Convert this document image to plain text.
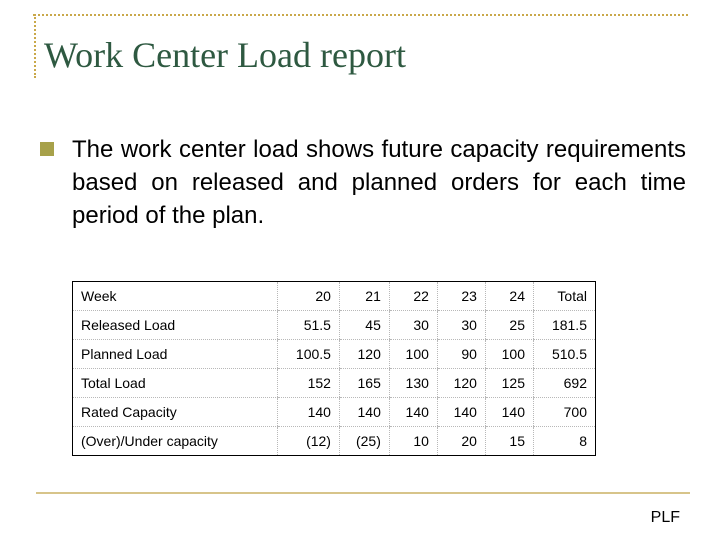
Work Center Load report
The work center load shows future capacity requirements based on released and planned orders for each time period of the plan.
Week	20	21	22	23	24	Total
Released Load	51.5	45	30	30	25	181.5
Planned Load	100.5	120	100	90	100	510.5
Total Load	152	165	130	120	125	692
Rated Capacity	140	140	140	140	140	700
(Over)/Under capacity	(12)	(25)	10	20	15	8
PLF
